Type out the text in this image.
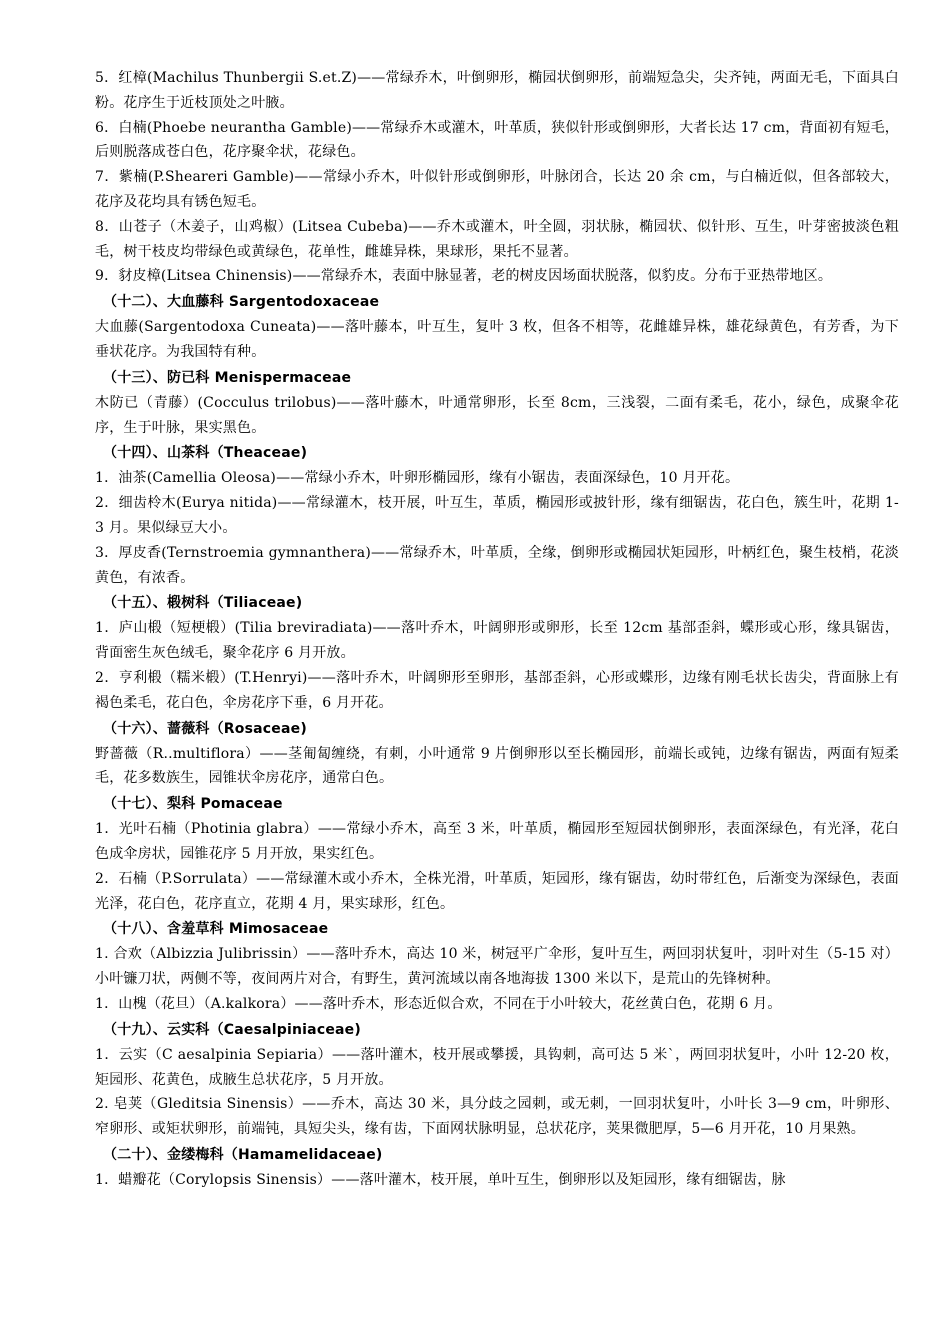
5．红樟(Machilus Thunbergii S.et.Z)——常绿乔木，叶倒卵形，椭园状倒卵形，前端短急尖，尖齐钝，两面无毛，下面具白粉。花序生于近枝顶处之叶腋。

6．白楠(Phoebe neurantha Gamble)——常绿乔木或灌木，叶革质，狭似针形或倒卵形，大者长达 17 cm，背面初有短毛，后则脱落成苍白色，花序聚伞状，花绿色。

7．紫楠(P.Sheareri Gamble)——常绿小乔木，叶似针形或倒卵形，叶脉闭合，长达 20 余 cm，与白楠近似，但各部较大，花序及花均具有锈色短毛。

8．山苍子（木姜子，山鸡椒）(Litsea Cubeba)——乔木或灌木，叶全圆，羽状脉，椭园状、似针形、互生，叶芽密披淡色粗毛，树干枝皮均带绿色或黄绿色，花单性，雌雄异株，果球形，果托不显著。

9．豺皮樟(Litsea Chinensis)——常绿乔木，表面中脉显著，老的树皮因场面状脱落，似豹皮。分布于亚热带地区。

（十二）、大血藤科 Sargentodoxaceae

大血藤(Sargentodoxa Cuneata)——落叶藤本，叶互生，复叶 3 枚，但各不相等，花雌雄异株，雄花绿黄色，有芳香，为下垂状花序。为我国特有种。

（十三）、防已科 Menispermaceae

木防已（青藤）(Cocculus trilobus)——落叶藤木，叶通常卵形，长至 8cm，三浅裂，二面有柔毛，花小，绿色，成聚伞花序，生于叶脉，果实黑色。

（十四）、山茶科（Theaceae)

1．油茶(Camellia Oleosa)——常绿小乔木，叶卵形椭园形，缘有小锯齿，表面深绿色，10 月开花。

2．细齿柃木(Eurya nitida)——常绿灌木，枝开展，叶互生，革质，椭园形或披针形，缘有细锯齿，花白色，簇生叶，花期 1-3 月。果似绿豆大小。

3．厚皮香(Ternstroemia gymnanthera)——常绿乔木，叶革质，全缘，倒卵形或椭园状矩园形，叶柄红色，聚生枝梢，花淡黄色，有浓香。

（十五）、椴树科（Tiliaceae)

1．庐山椴（短梗椴）(Tilia breviradiata)——落叶乔木，叶阔卵形或卵形，长至 12cm 基部歪斜，蝶形或心形，缘具锯齿，背面密生灰色绒毛，聚伞花序 6 月开放。

2．亨利椴（糯米椴）(T.Henryi)——落叶乔木，叶阔卵形至卵形，基部歪斜，心形或蝶形，边缘有刚毛状长齿尖，背面脉上有褐色柔毛，花白色，伞房花序下垂，6 月开花。

（十六）、蔷薇科（Rosaceae)

野蔷薇（R..multiflora）——茎匍匐缠绕，有刺，小叶通常 9 片倒卵形以至长椭园形，前端长或钝，边缘有锯齿，两面有短柔毛，花多数族生，园锥状伞房花序，通常白色。

（十七）、梨科 Pomaceae

1．光叶石楠（Photinia glabra）——常绿小乔木，高至 3 米，叶革质，椭园形至短园状倒卵形，表面深绿色，有光泽，花白色成伞房状，园锥花序 5 月开放，果实红色。

2．石楠（P.Sorrulata）——常绿灌木或小乔木，全株光滑，叶革质，矩园形，缘有锯齿，幼时带红色，后渐变为深绿色，表面光泽，花白色，花序直立，花期 4 月，果实球形，红色。

（十八）、含羞草科 Mimosaceae

1. 合欢（Albizzia Julibrissin）——落叶乔木，高达 10 米，树冠平广伞形，复叶互生，两回羽状复叶，羽叶对生（5-15 对）小叶镰刀状，两侧不等，夜间两片对合，有野生，黄河流域以南各地海拔 1300 米以下，是荒山的先锋树种。

1．山槐（花旦）（A.kalkora）——落叶乔木，形态近似合欢，不同在于小叶较大，花丝黄白色，花期 6 月。

（十九）、云实科（Caesalpiniaceae)

1．云实（C aesalpinia Sepiaria）——落叶灌木，枝开展或攀援，具钩刺，高可达 5 米`，两回羽状复叶，小叶 12-20 枚，矩园形、花黄色，成腋生总状花序，5 月开放。

2. 皂荚（Gleditsia Sinensis）——乔木，高达 30 米，具分歧之园刺，或无刺，一回羽状复叶，小叶长 3—9 cm，叶卵形、窄卵形、或矩状卵形，前端钝，具短尖头，缘有齿，下面网状脉明显，总状花序，荚果微肥厚，5—6 月开花，10 月果熟。

（二十）、金缕梅科（Hamamelidaceae)

1．蜡瓣花（Corylopsis Sinensis）——落叶灌木，枝开展，单叶互生，倒卵形以及矩园形，缘有细锯齿，脉
